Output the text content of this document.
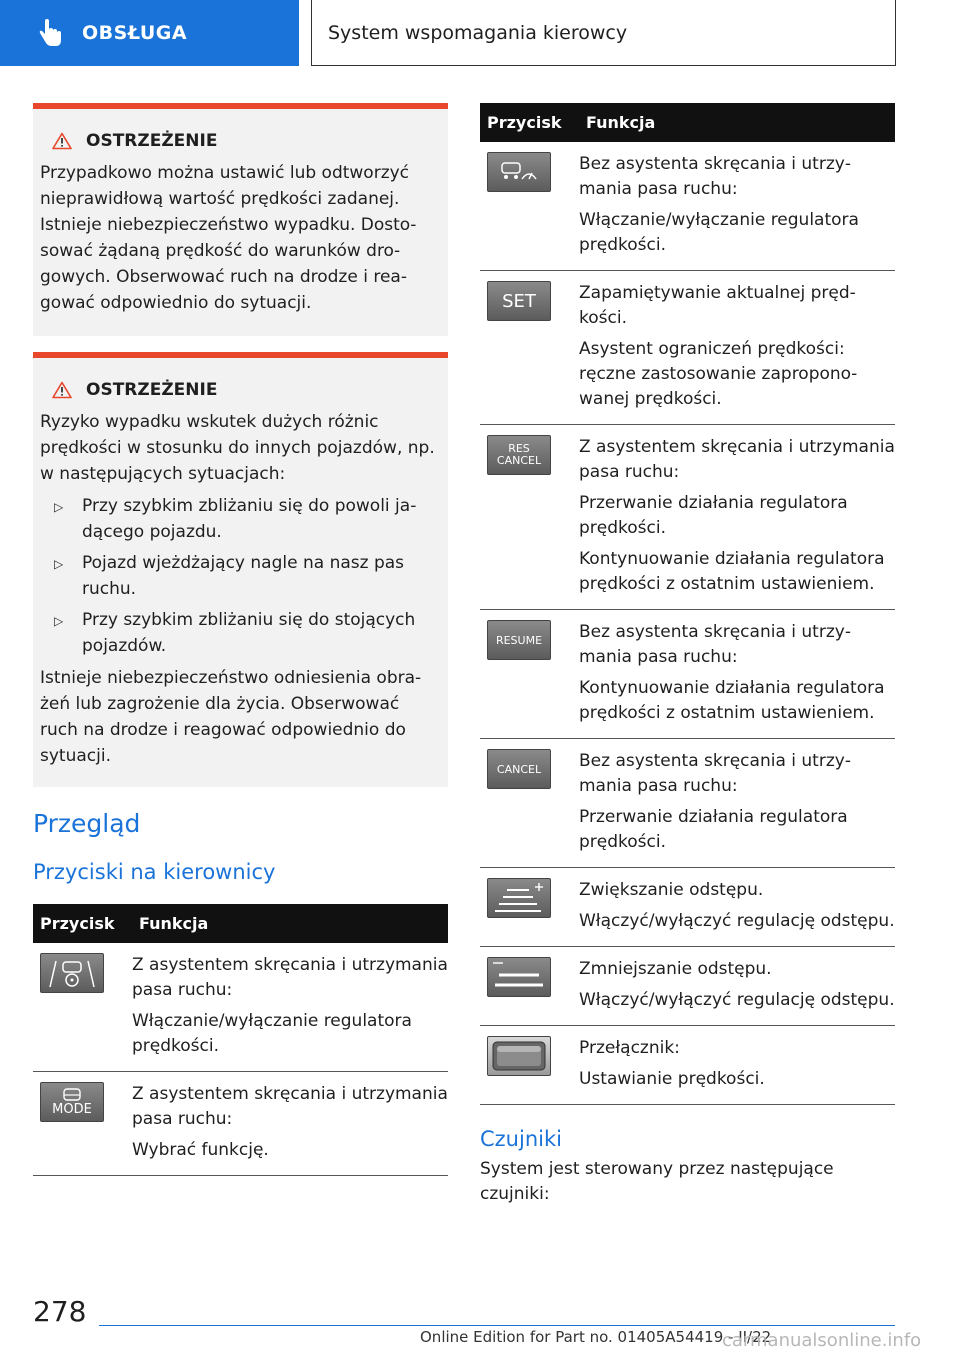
OBSŁUGA	System wspomagania kierowcy
OSTRZEŻENIE

Przypadkowo można ustawić lub odtworzyć nieprawidłową wartość prędkości zadanej. Istnieje niebezpieczeństwo wypadku. Dostosować żądaną prędkość do warunków drogowych. Obserwować ruch na drodze i reagować odpowiednio do sytuacji.

OSTRZEŻENIE

Ryzyko wypadku wskutek dużych różnic prędkości w stosunku do innych pojazdów, np. w następujących sytuacjach:

▷	Przy szybkim zbliżaniu się do powoli jadącego pojazdu.
▷	Pojazd wjeżdżający nagle na nasz pas ruchu.
▷	Przy szybkim zbliżaniu się do stojących pojazdów.

Istnieje niebezpieczeństwo odniesienia obrażeń lub zagrożenie dla życia. Obserwować ruch na drodze i reagować odpowiednio do sytuacji.

Przegląd
Przyciski na kierownicy
Przycisk	Funkcja

Z asystentem skręcania i utrzymania pasa ruchu:
Włączanie/wyłączanie regulatora prędkości.

MODE	Z asystentem skręcania i utrzymania pasa ruchu:
Wybrać funkcję.
Przycisk	Funkcja

Bez asystenta skręcania i utrzymania pasa ruchu:
Włączanie/wyłączanie regulatora prędkości.

SET	Zapamiętywanie aktualnej prędkości.
Asystent ograniczeń prędkości: ręczne zastosowanie zaproponowanej prędkości.

RES CANCEL	Z asystentem skręcania i utrzymania pasa ruchu:
Przerwanie działania regulatora prędkości.
Kontynuowanie działania regulatora prędkości z ostatnim ustawieniem.

RESUME	Bez asystenta skręcania i utrzymania pasa ruchu:
Kontynuowanie działania regulatora prędkości z ostatnim ustawieniem.

CANCEL	Bez asystenta skręcania i utrzymania pasa ruchu:
Przerwanie działania regulatora prędkości.

Zwiększanie odstępu.
Włączyć/wyłączyć regulację odstępu.

Zmniejszanie odstępu.
Włączyć/wyłączyć regulację odstępu.

Przełącznik:
Ustawianie prędkości.
Czujniki
System jest sterowany przez następujące czujniki:
278
Online Edition for Part no. 01405A54419 - II/22
carmanualsonline.info
